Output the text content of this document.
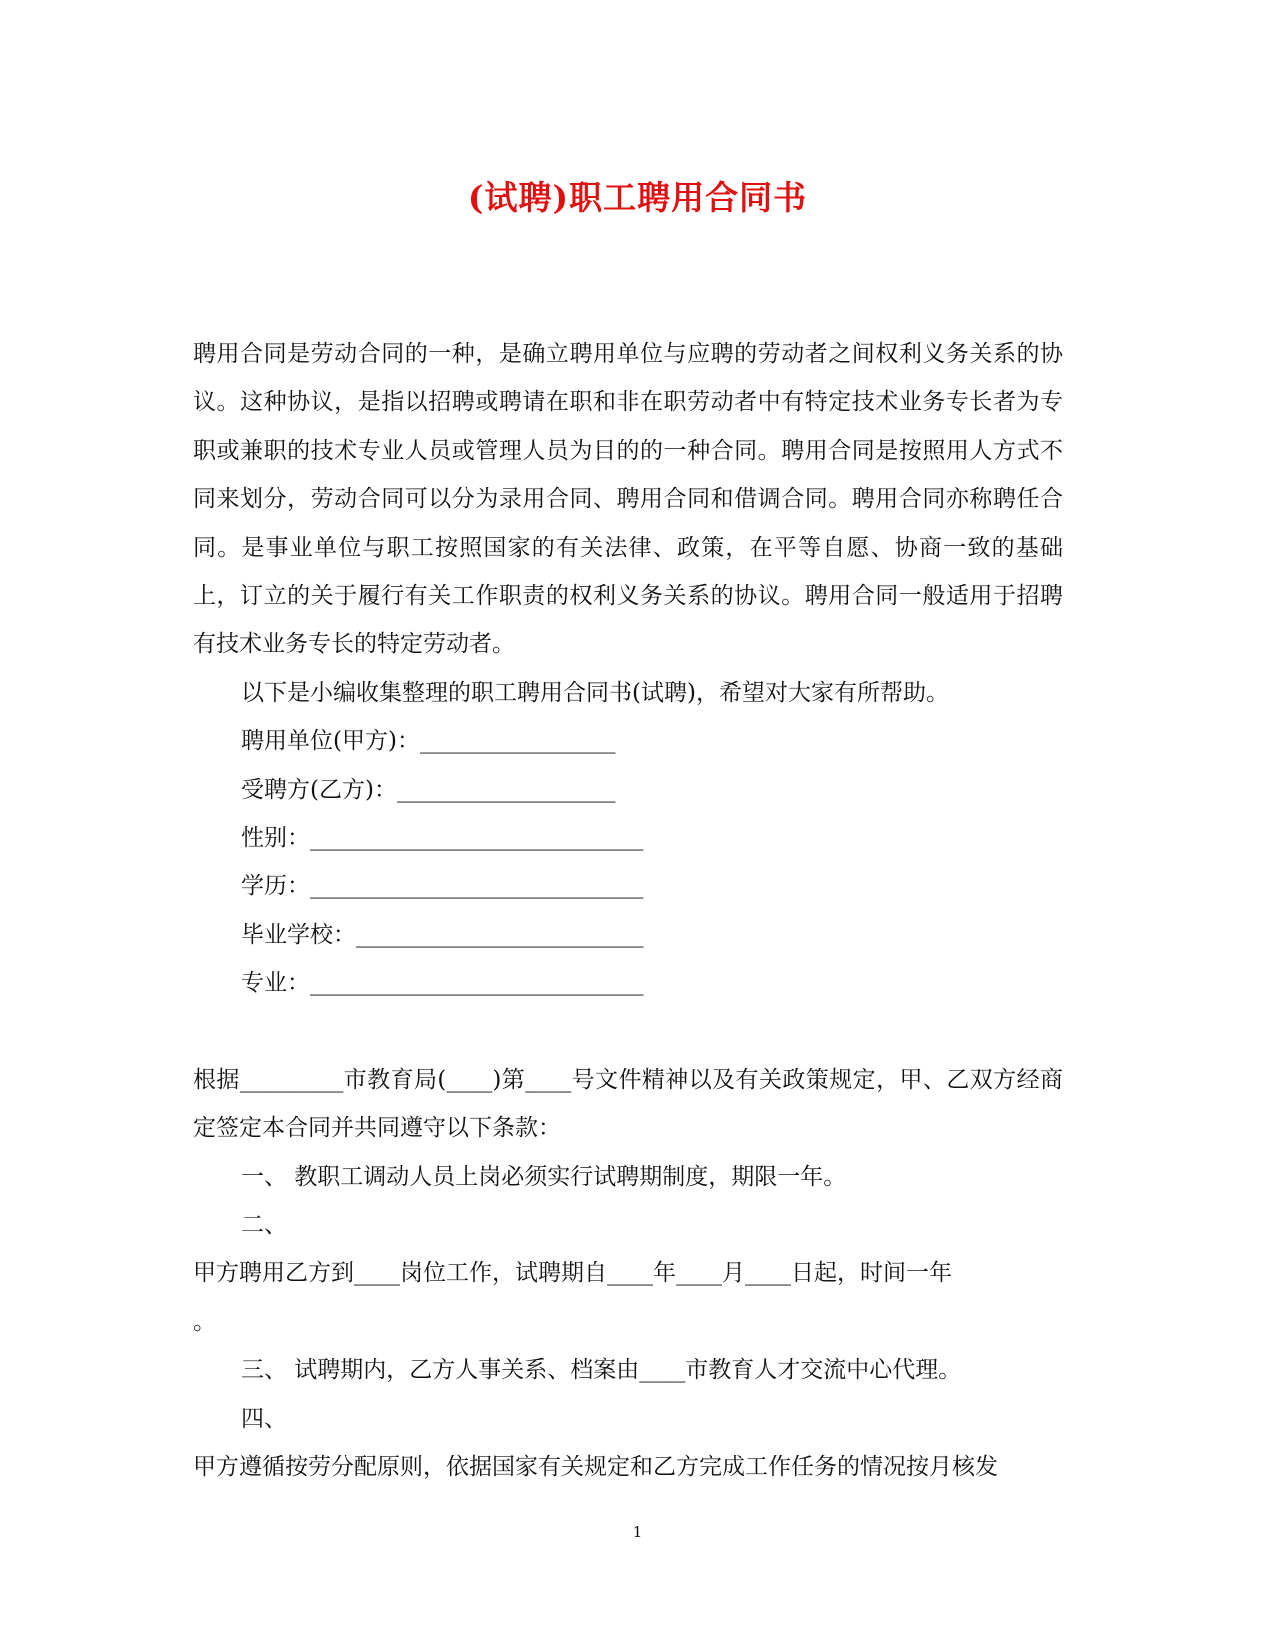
(试聘)职工聘用合同书

聘用合同是劳动合同的一种，是确立聘用单位与应聘的劳动者之间权利义务关系的协议。这种协议，是指以招聘或聘请在职和非在职劳动者中有特定技术业务专长者为专职或兼职的技术专业人员或管理人员为目的的一种合同。聘用合同是按照用人方式不同来划分，劳动合同可以分为录用合同、聘用合同和借调合同。聘用合同亦称聘任合同。是事业单位与职工按照国家的有关法律、政策，在平等自愿、协商一致的基础上，订立的关于履行有关工作职责的权利义务关系的协议。聘用合同一般适用于招聘有技术业务专长的特定劳动者。

以下是小编收集整理的职工聘用合同书(试聘)，希望对大家有所帮助。

聘用单位(甲方)：_________________

受聘方(乙方)：___________________

性别：_____________________________

学历：_____________________________

毕业学校：_________________________

专业：_____________________________

根据_________市教育局(____)第____号文件精神以及有关政策规定，甲、乙双方经商定签定本合同并共同遵守以下条款：

一、 教职工调动人员上岗必须实行试聘期制度，期限一年。

二、

甲方聘用乙方到____岗位工作，试聘期自____年____月____日起，时间一年

。

三、 试聘期内，乙方人事关系、档案由____市教育人才交流中心代理。

四、

甲方遵循按劳分配原则，依据国家有关规定和乙方完成工作任务的情况按月核发

1
